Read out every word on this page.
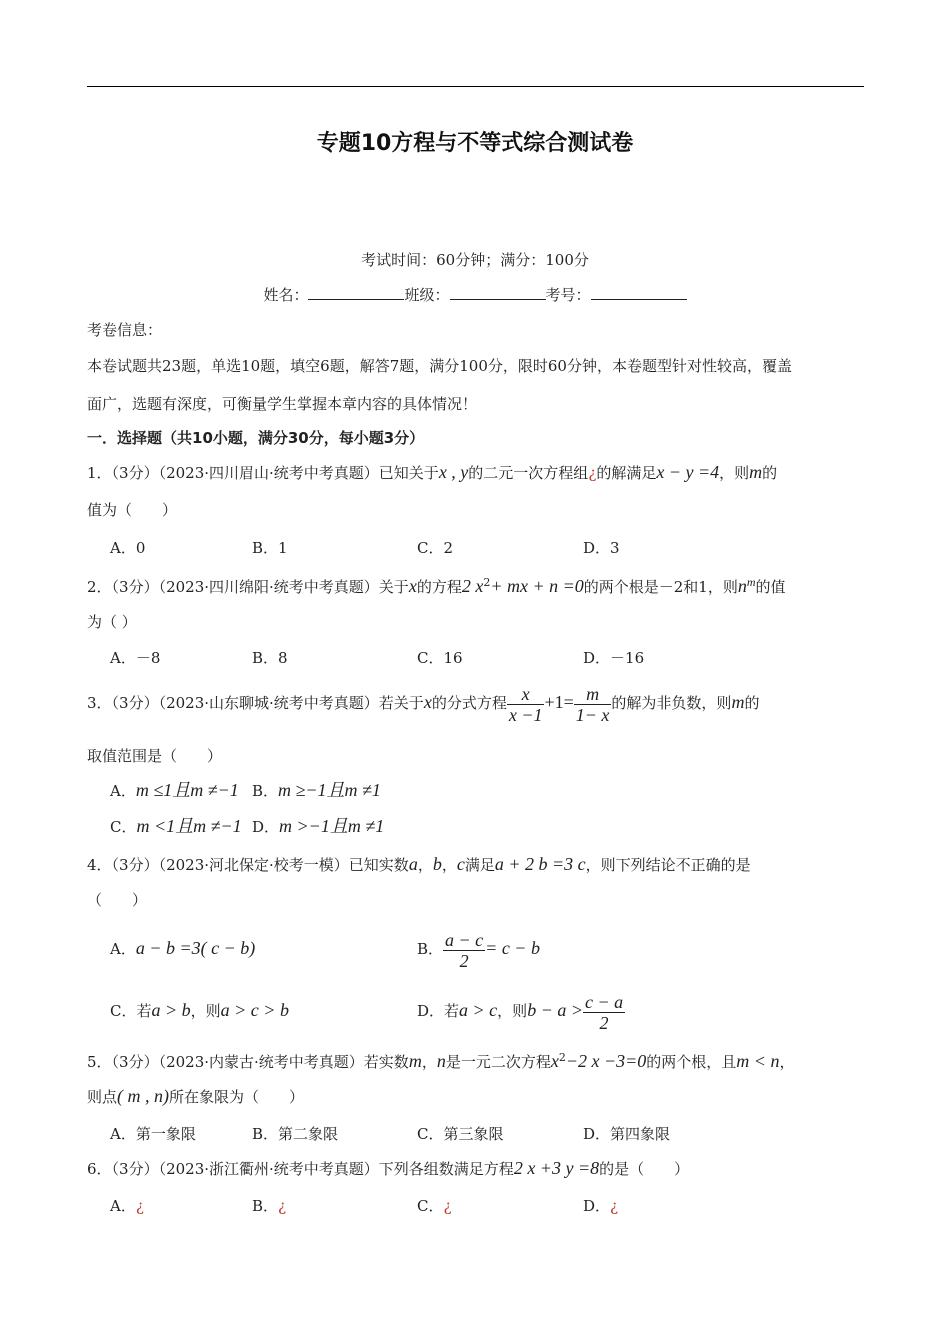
专题10方程与不等式综合测试卷
考试时间：60分钟；满分：100分
姓名：	班级：	考号：
考卷信息：
本卷试题共23题，单选10题，填空6题，解答7题，满分100分，限时60分钟，本卷题型针对性较高，覆盖
面广，选题有深度，可衡量学生掌握本章内容的具体情况！
一．选择题（共10小题，满分30分，每小题3分）
1．（3分）（2023·四川眉山·统考中考真题）已知关于x , y的二元一次方程组¿的解满足x − y =4，则m的
值为（　　）
A．0	B．1	C．2	D．3
2．（3分）（2023·四川绵阳·统考中考真题）关于x的方程2 $x^2+$ mx + n =0的两个根是－2和1，则$n^m$的值
为（ ）
A．－8	B．8	C．16	D．－16
3．（3分）（2023·山东聊城·统考中考真题）若关于x的分式方程 $\frac{x}{x -1} +1= \frac{m}{1- x}$ 的解为非负数，则m的
取值范围是（　　）
A．m ≤1且m ≠−1 B．m ≥−1且m ≠1
C．m <1且m ≠−1 D．m >−1且m ≠1
4．（3分）（2023·河北保定·校考一模）已知实数a，b，c满足a + 2 b =3 c，则下列结论不正确的是
（　　）
A．a − b =3( c − b)	B． $\frac{a - c}{2} = c - b$
C．若a > b，则a > c > b	D．若a > c，则$b - a > \frac{c - a}{2}$
5．（3分）（2023·内蒙古·统考中考真题）若实数m，n是一元二次方程$x^2-2$ x −3=0的两个根，且m < n，
则点( m , n)所在象限为（　　）
A．第一象限	B．第二象限	C．第三象限	D．第四象限
6．（3分）（2023·浙江衢州·统考中考真题）下列各组数满足方程2 x +3 y =8的是（　　）
A．¿	B．¿	C．¿	D．¿
